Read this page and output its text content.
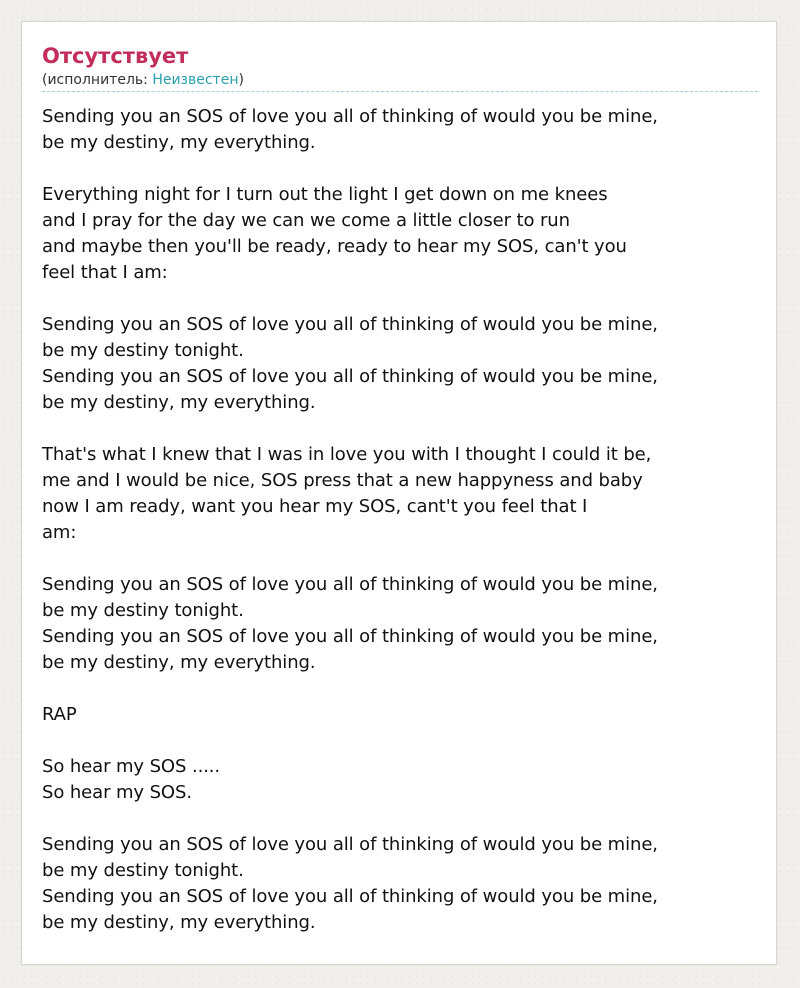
Отсутствует

(исполнитель: Неизвестен)

Sending you an SOS of love you all of thinking of would you be mine,
be my destiny, my everything.

Everything night for I turn out the light I get down on me knees
and I pray for the day we can we come a little closer to run
and maybe then you'll be ready, ready to hear my SOS, can't you
feel that I am:

Sending you an SOS of love you all of thinking of would you be mine,
be my destiny tonight.
Sending you an SOS of love you all of thinking of would you be mine,
be my destiny, my everything.

That's what I knew that I was in love you with I thought I could it be,
me and I would be nice, SOS press that a new happyness and baby
now I am ready, want you hear my SOS, cant't you feel that I
am:

Sending you an SOS of love you all of thinking of would you be mine,
be my destiny tonight.
Sending you an SOS of love you all of thinking of would you be mine,
be my destiny, my everything.

RAP

So hear my SOS .....
So hear my SOS.

Sending you an SOS of love you all of thinking of would you be mine,
be my destiny tonight.
Sending you an SOS of love you all of thinking of would you be mine,
be my destiny, my everything.
